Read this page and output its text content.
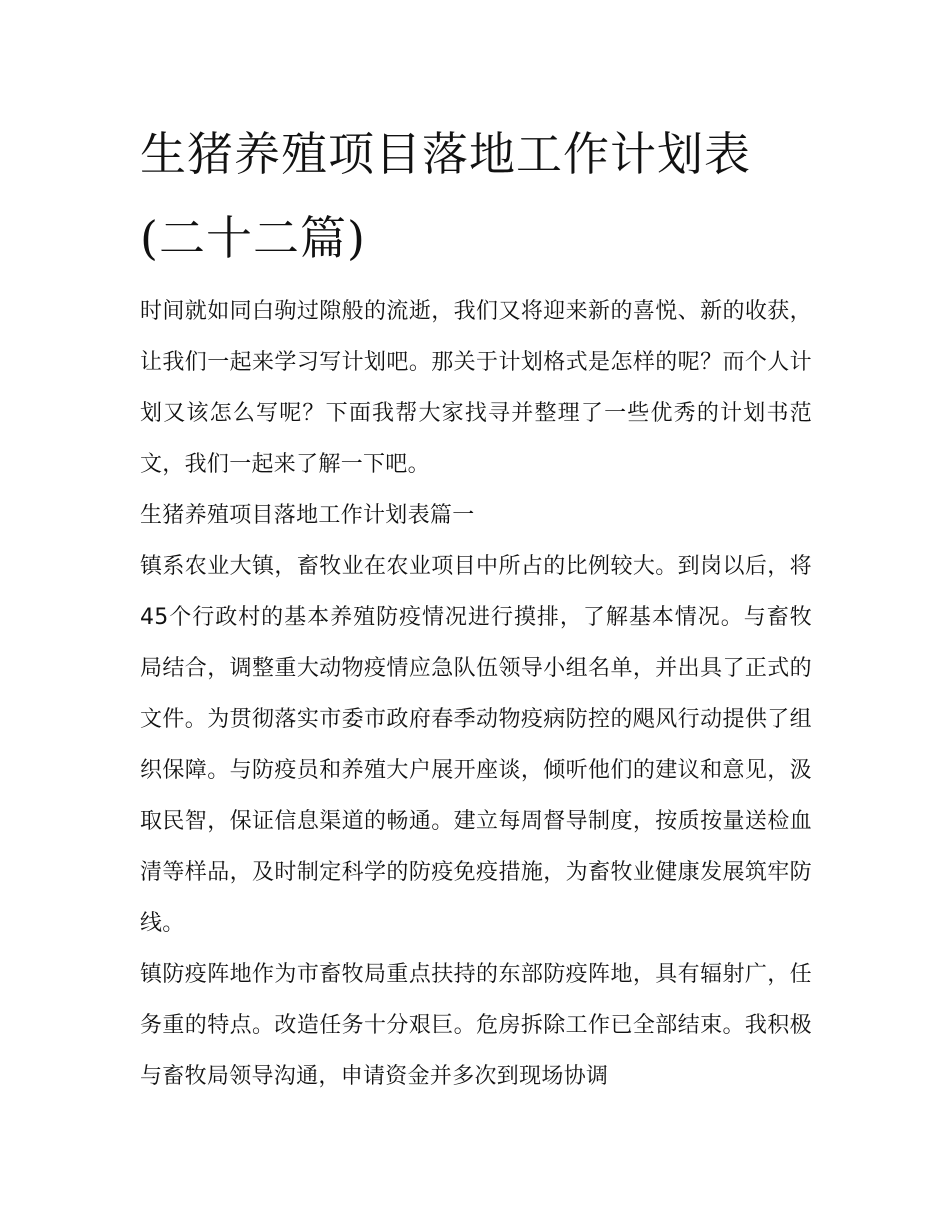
生猪养殖项目落地工作计划表(二十二篇)

时间就如同白驹过隙般的流逝，我们又将迎来新的喜悦、新的收获，让我们一起来学习写计划吧。那关于计划格式是怎样的呢？而个人计划又该怎么写呢？下面我帮大家找寻并整理了一些优秀的计划书范文，我们一起来了解一下吧。

生猪养殖项目落地工作计划表篇一

镇系农业大镇，畜牧业在农业项目中所占的比例较大。到岗以后，将45个行政村的基本养殖防疫情况进行摸排，了解基本情况。与畜牧局结合，调整重大动物疫情应急队伍领导小组名单，并出具了正式的文件。为贯彻落实市委市政府春季动物疫病防控的飓风行动提供了组织保障。与防疫员和养殖大户展开座谈，倾听他们的建议和意见，汲取民智，保证信息渠道的畅通。建立每周督导制度，按质按量送检血清等样品，及时制定科学的防疫免疫措施，为畜牧业健康发展筑牢防线。

镇防疫阵地作为市畜牧局重点扶持的东部防疫阵地，具有辐射广，任务重的特点。改造任务十分艰巨。危房拆除工作已全部结束。我积极与畜牧局领导沟通，申请资金并多次到现场协调
